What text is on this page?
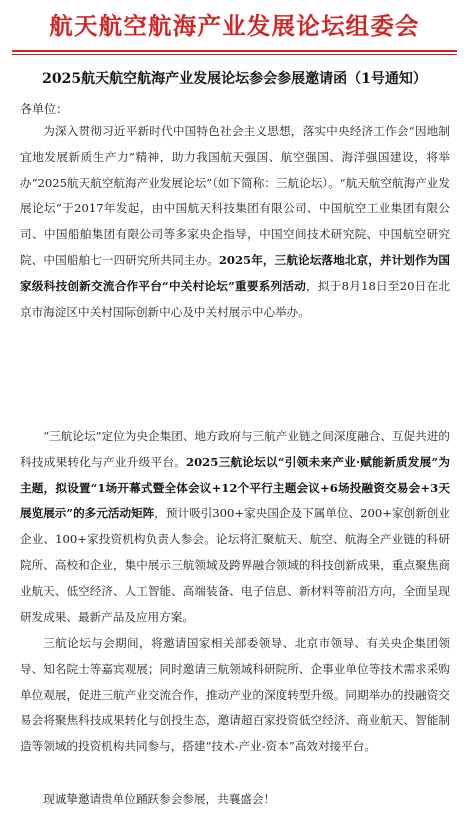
航天航空航海产业发展论坛组委会
2025航天航空航海产业发展论坛参会参展邀请函（1号通知）
各单位：

为深入贯彻习近平新时代中国特色社会主义思想，落实中央经济工作会“因地制宜地发展新质生产力”精神，助力我国航天强国、航空强国、海洋强国建设，将举办“2025航天航空航海产业发展论坛”（如下简称：三航论坛）。“航天航空航海产业发展论坛”于2017年发起，由中国航天科技集团有限公司、中国航空工业集团有限公司、中国船舶集团有限公司等多家央企指导，中国空间技术研究院、中国航空研究院、中国船舶七一四研究所共同主办。2025年，三航论坛落地北京，并计划作为国家级科技创新交流合作平台“中关村论坛”重要系列活动，拟于8月18日至20日在北京市海淀区中关村国际创新中心及中关村展示中心举办。

“三航论坛”定位为央企集团、地方政府与三航产业链之间深度融合、互促共进的科技成果转化与产业升级平台。2025三航论坛以“引领未来产业·赋能新质发展”为主题，拟设置“1场开幕式暨全体会议+12个平行主题会议+6场投融资交易会+3天展览展示”的多元活动矩阵，预计吸引300+家央国企及下属单位、200+家创新创业企业、100+家投资机构负责人参会。论坛将汇聚航天、航空、航海全产业链的科研院所、高校和企业，集中展示三航领域及跨界融合领域的科技创新成果，重点聚焦商业航天、低空经济、人工智能、高端装备、电子信息、新材料等前沿方向，全面呈现研发成果、最新产品及应用方案。

三航论坛与会期间，将邀请国家相关部委领导、北京市领导、有关央企集团领导、知名院士等嘉宾观展；同时邀请三航领域科研院所、企事业单位等技术需求采购单位观展，促进三航产业交流合作，推动产业的深度转型升级。同期举办的投融资交易会将聚焦科技成果转化与创投生态，邀请超百家投资低空经济、商业航天、智能制造等领域的投资机构共同参与，搭建“技术-产业-资本”高效对接平台。

现诚挚邀请贵单位踊跃参会参展，共襄盛会！
